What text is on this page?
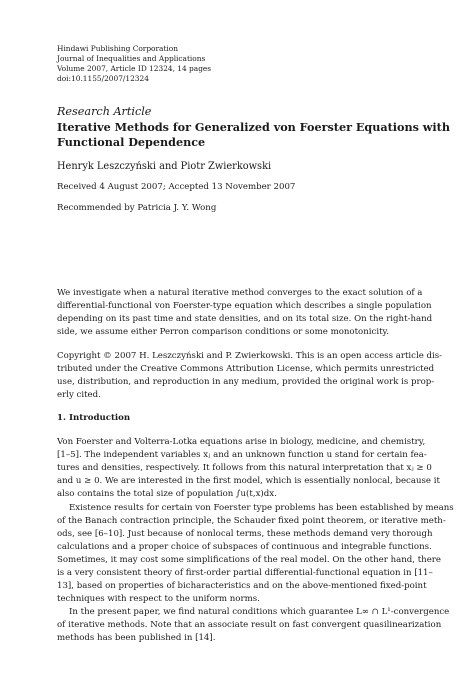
Hindawi Publishing Corporation
Journal of Inequalities and Applications
Volume 2007, Article ID 12324, 14 pages
doi:10.1155/2007/12324
Research Article
Iterative Methods for Generalized von Foerster Equations with
Functional Dependence
Henryk Leszczyński and Piotr Zwierkowski
Received 4 August 2007; Accepted 13 November 2007
Recommended by Patricia J. Y. Wong
We investigate when a natural iterative method converges to the exact solution of a
differential-functional von Foerster-type equation which describes a single population
depending on its past time and state densities, and on its total size. On the right-hand
side, we assume either Perron comparison conditions or some monotonicity.
Copyright © 2007 H. Leszczyński and P. Zwierkowski. This is an open access article dis-
tributed under the Creative Commons Attribution License, which permits unrestricted
use, distribution, and reproduction in any medium, provided the original work is prop-
erly cited.
1. Introduction
Von Foerster and Volterra-Lotka equations arise in biology, medicine, and chemistry,
[1–5]. The independent variables xⱼ and an unknown function u stand for certain fea-
tures and densities, respectively. It follows from this natural interpretation that xⱼ ≥ 0
and u ≥ 0. We are interested in the first model, which is essentially nonlocal, because it
also contains the total size of population ∫u(t,x)dx.
Existence results for certain von Foerster type problems has been established by means
of the Banach contraction principle, the Schauder fixed point theorem, or iterative meth-
ods, see [6–10]. Just because of nonlocal terms, these methods demand very thorough
calculations and a proper choice of subspaces of continuous and integrable functions.
Sometimes, it may cost some simplifications of the real model. On the other hand, there
is a very consistent theory of first-order partial differential-functional equation in [11–
13], based on properties of bicharacteristics and on the above-mentioned fixed-point
techniques with respect to the uniform norms.
In the present paper, we find natural conditions which guarantee L∞ ∩ L¹-convergence
of iterative methods. Note that an associate result on fast convergent quasilinearization
methods has been published in [14].
